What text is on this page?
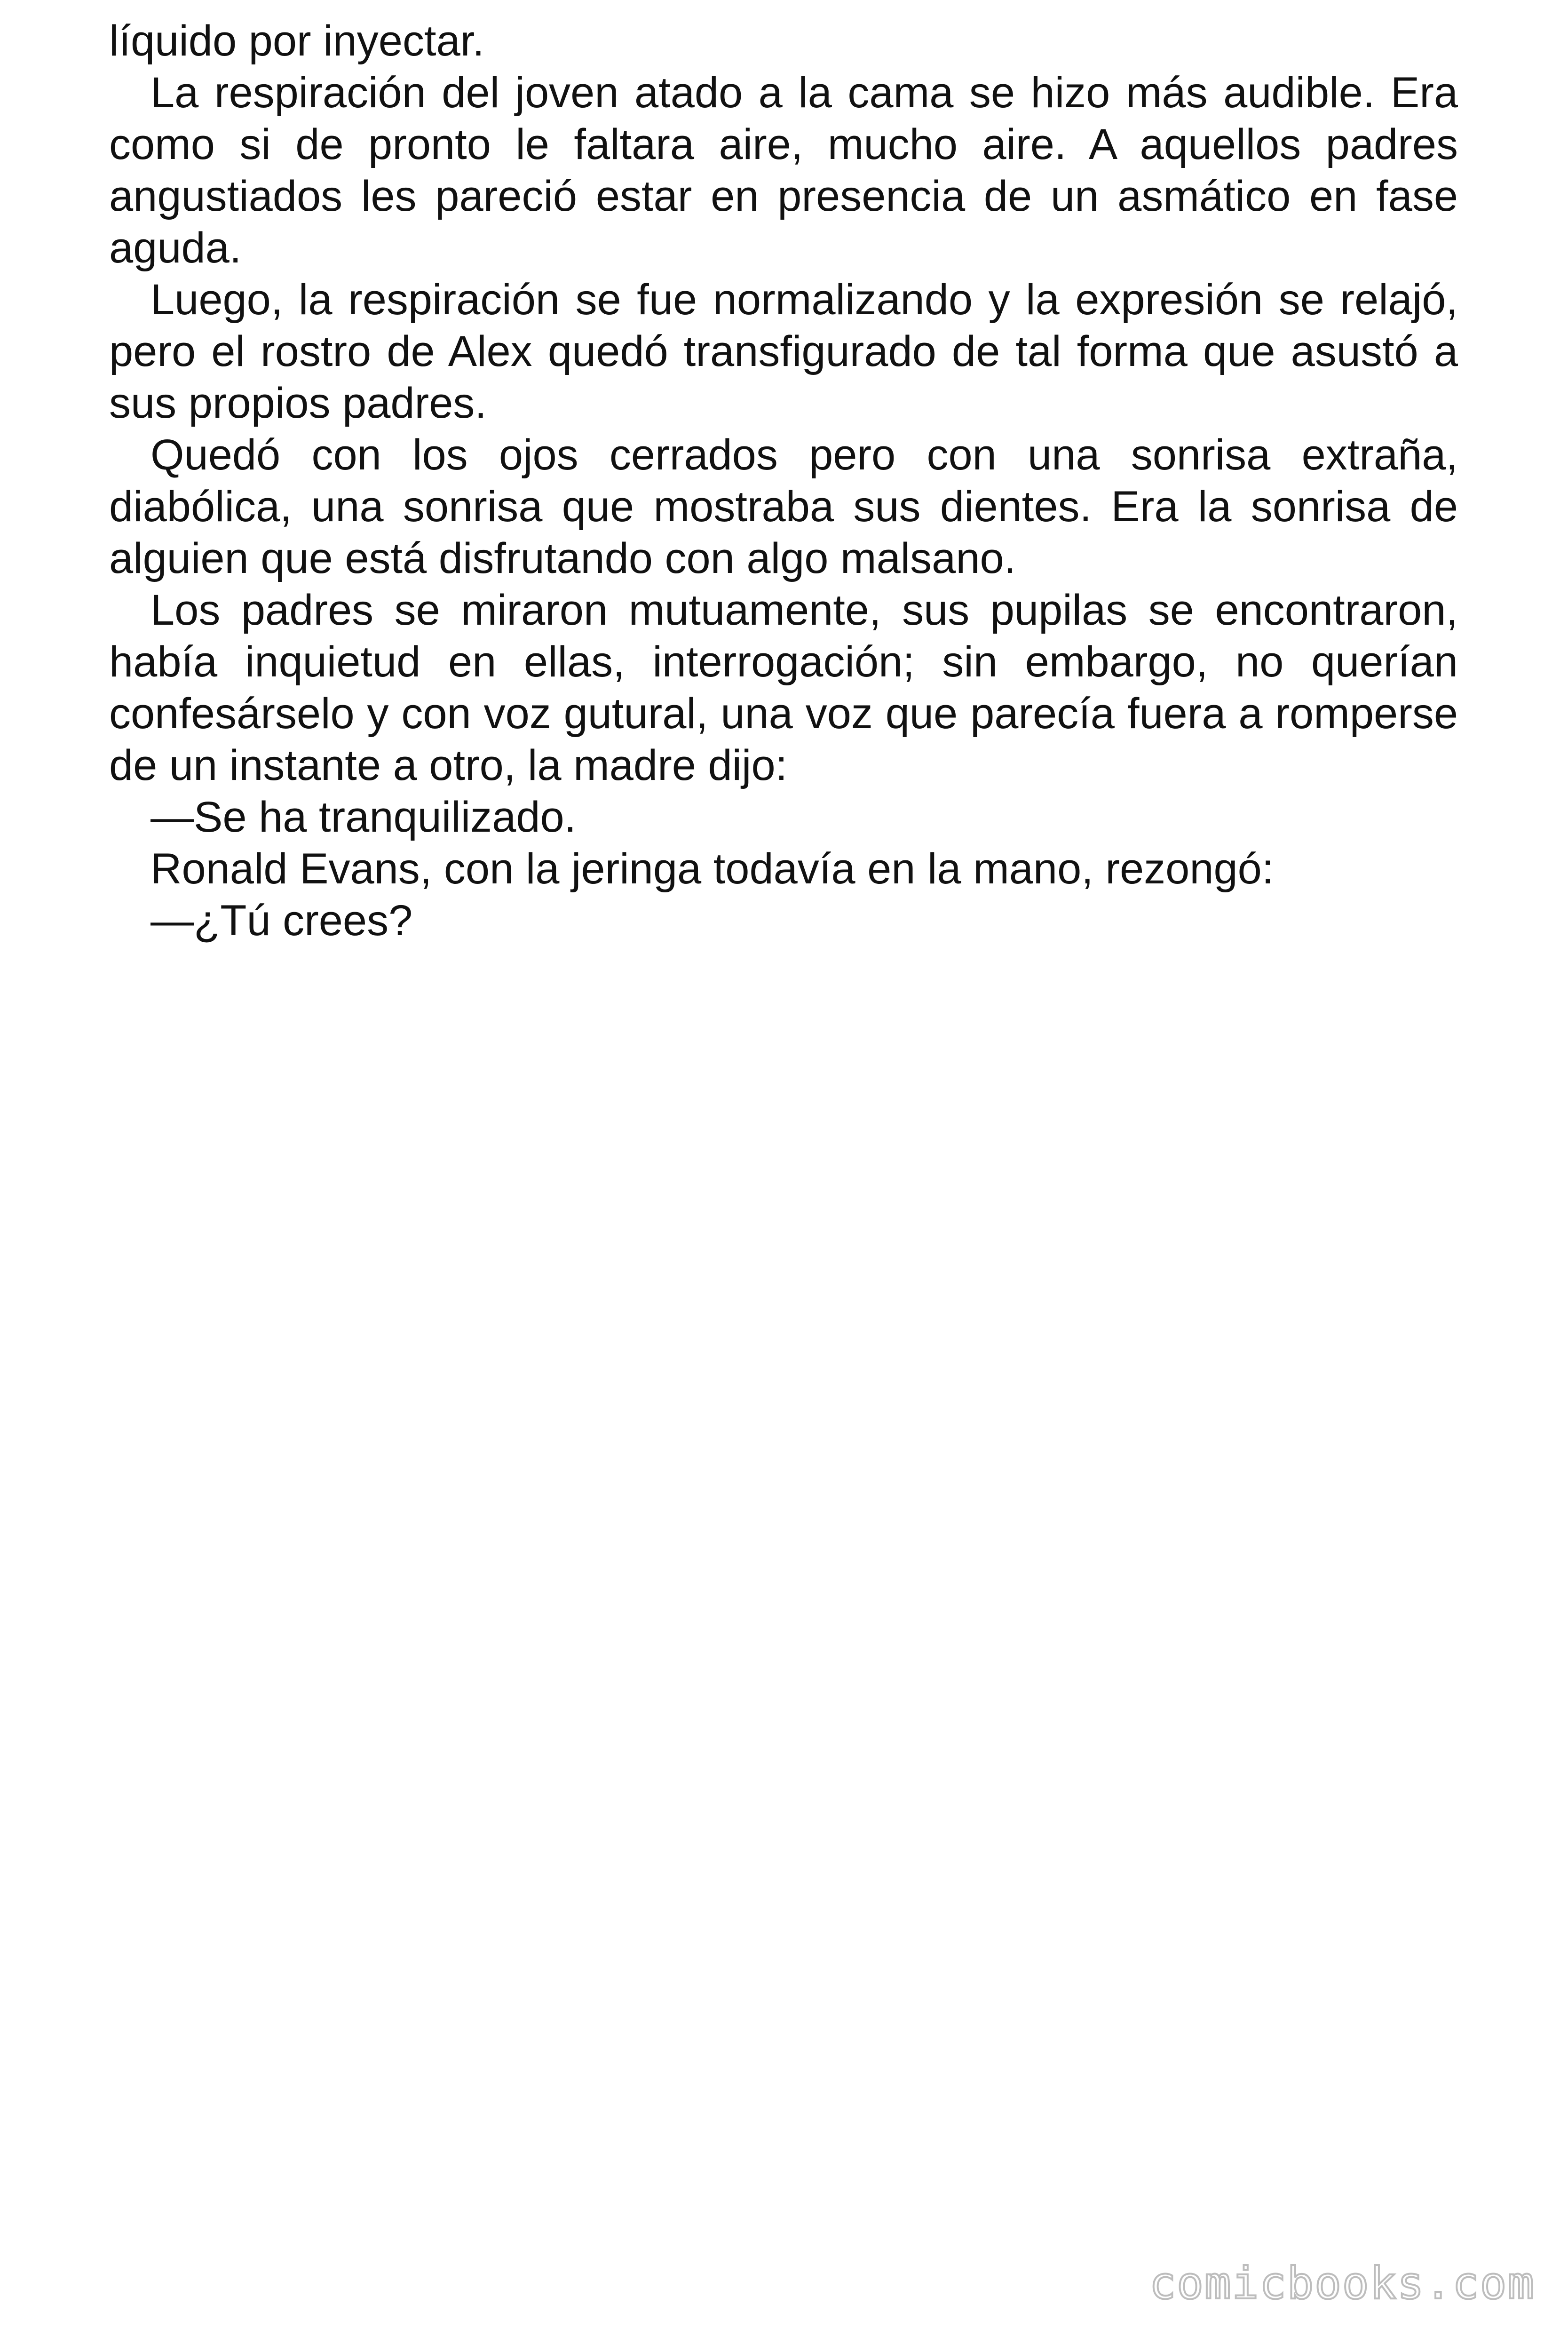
líquido por inyectar.

La respiración del joven atado a la cama se hizo más audible. Era como si de pronto le faltara aire, mucho aire. A aquellos padres angustiados les pareció estar en presencia de un asmático en fase aguda.

Luego, la respiración se fue normalizando y la expresión se relajó, pero el rostro de Alex quedó transfigurado de tal forma que asustó a sus propios padres.

Quedó con los ojos cerrados pero con una sonrisa extraña, diabólica, una sonrisa que mostraba sus dientes. Era la sonrisa de alguien que está disfrutando con algo malsano.

Los padres se miraron mutuamente, sus pupilas se encontraron, había inquietud en ellas, interrogación; sin embargo, no querían confesárselo y con voz gutural, una voz que parecía fuera a romperse de un instante a otro, la madre dijo:

—Se ha tranquilizado.

Ronald Evans, con la jeringa todavía en la mano, rezongó:

—¿Tú crees?

comicbooks.com
